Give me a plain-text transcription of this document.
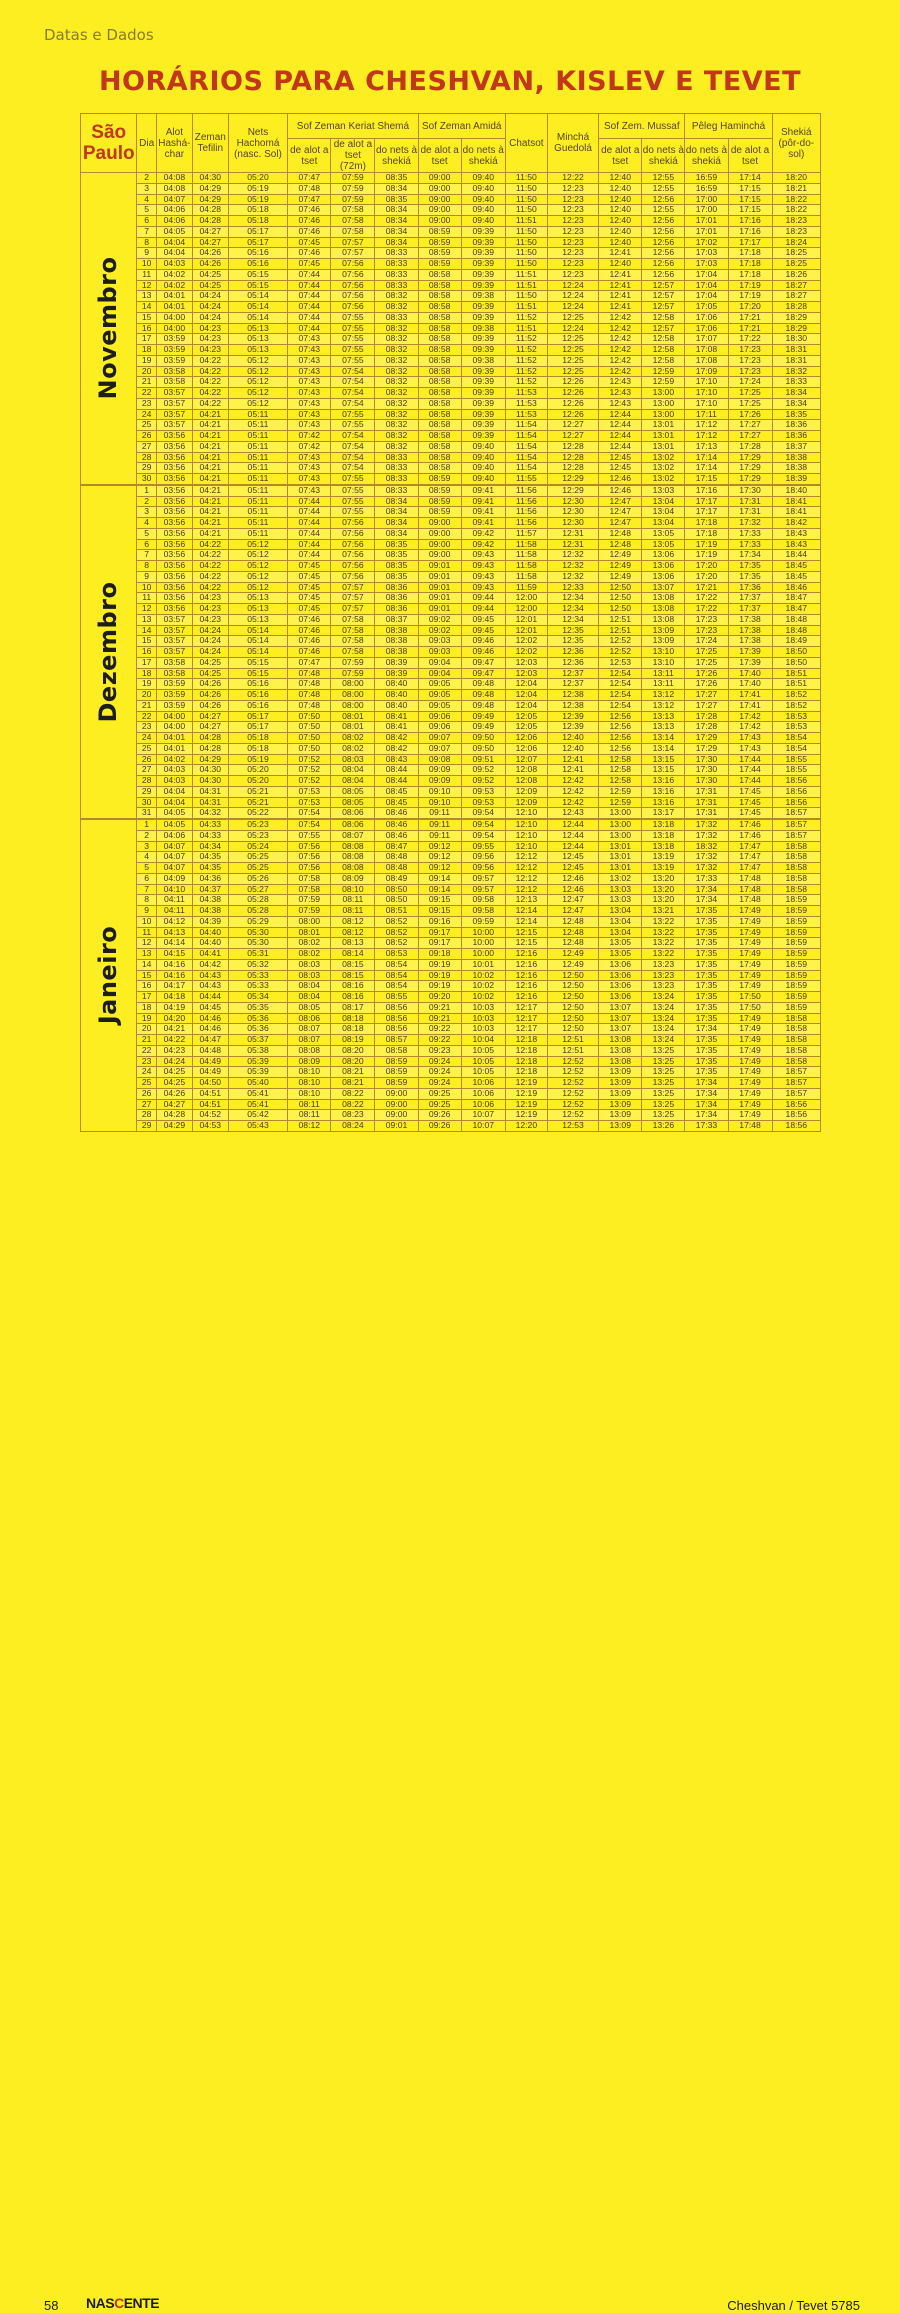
Datas e Dados
HORÁRIOS PARA CHESHVAN, KISLEV E TEVET
São
Paulo	Dia	Alot Hashá-char	Zeman Tefilin	Nets Hachomá (nasc. Sol)	Sof Zeman Keriat Shemá			Sof Zeman Amidá		Chatsot	Minchá Guedolá	Sof Zem. Mussaf		Pêleg Haminchá		Shekiá (pôr-do-sol)
					de alot a tset	de alot a tset (72m)	do nets à shekiá	de alot a tset	do nets à shekiá			de alot a tset	do nets à shekiá	do nets à shekiá	de alot a tset	

Novembro	2	04:08	04:30	05:20	07:47	07:59	08:35	09:00	09:40	11:50	12:22	12:40	12:55	16:59	17:14	18:20
	3	04:08	04:29	05:19	07:48	07:59	08:34	09:00	09:40	11:50	12:23	12:40	12:55	16:59	17:15	18:21
	4	04:07	04:29	05:19	07:47	07:59	08:35	09:00	09:40	11:50	12:23	12:40	12:56	17:00	17:15	18:22
	5	04:06	04:28	05:18	07:46	07:58	08:34	09:00	09:40	11:50	12:23	12:40	12:55	17:00	17:15	18:22
	6	04:06	04:28	05:18	07:46	07:58	08:34	09:00	09:40	11:51	12:23	12:40	12:56	17:01	17:16	18:23
	7	04:05	04:27	05:17	07:46	07:58	08:34	08:59	09:39	11:50	12:23	12:40	12:56	17:01	17:16	18:23
	8	04:04	04:27	05:17	07:45	07:57	08:34	08:59	09:39	11:50	12:23	12:40	12:56	17:02	17:17	18:24
	9	04:04	04:26	05:16	07:46	07:57	08:33	08:59	09:39	11:50	12:23	12:41	12:56	17:03	17:18	18:25
	10	04:03	04:26	05:16	07:45	07:56	08:33	08:59	09:39	11:50	12:23	12:40	12:56	17:03	17:18	18:25
	11	04:02	04:25	05:15	07:44	07:56	08:33	08:58	09:39	11:51	12:23	12:41	12:56	17:04	17:18	18:26
	12	04:02	04:25	05:15	07:44	07:56	08:33	08:58	09:39	11:51	12:24	12:41	12:57	17:04	17:19	18:27
	13	04:01	04:24	05:14	07:44	07:56	08:32	08:58	09:38	11:50	12:24	12:41	12:57	17:04	17:19	18:27
	14	04:01	04:24	05:14	07:44	07:56	08:32	08:58	09:39	11:51	12:24	12:41	12:57	17:05	17:20	18:28
	15	04:00	04:24	05:14	07:44	07:55	08:33	08:58	09:39	11:52	12:25	12:42	12:58	17:06	17:21	18:29
	16	04:00	04:23	05:13	07:44	07:55	08:32	08:58	09:38	11:51	12:24	12:42	12:57	17:06	17:21	18:29
	17	03:59	04:23	05:13	07:43	07:55	08:32	08:58	09:39	11:52	12:25	12:42	12:58	17:07	17:22	18:30
	18	03:59	04:23	05:13	07:43	07:55	08:32	08:58	09:39	11:52	12:25	12:42	12:58	17:08	17:23	18:31
	19	03:59	04:22	05:12	07:43	07:55	08:32	08:58	09:38	11:52	12:25	12:42	12:58	17:08	17:23	18:31
	20	03:58	04:22	05:12	07:43	07:54	08:32	08:58	09:39	11:52	12:25	12:42	12:59	17:09	17:23	18:32
	21	03:58	04:22	05:12	07:43	07:54	08:32	08:58	09:39	11:52	12:26	12:43	12:59	17:10	17:24	18:33
	22	03:57	04:22	05:12	07:43	07:54	08:32	08:58	09:39	11:53	12:26	12:43	13:00	17:10	17:25	18:34
	23	03:57	04:22	05:12	07:43	07:54	08:32	08:58	09:39	11:53	12:26	12:43	13:00	17:10	17:25	18:34
	24	03:57	04:21	05:11	07:43	07:55	08:32	08:58	09:39	11:53	12:26	12:44	13:00	17:11	17:26	18:35
	25	03:57	04:21	05:11	07:43	07:55	08:32	08:58	09:39	11:54	12:27	12:44	13:01	17:12	17:27	18:36
	26	03:56	04:21	05:11	07:42	07:54	08:32	08:58	09:39	11:54	12:27	12:44	13:01	17:12	17:27	18:36
	27	03:56	04:21	05:11	07:42	07:54	08:32	08:58	09:40	11:54	12:28	12:44	13:01	17:13	17:28	18:37
	28	03:56	04:21	05:11	07:43	07:54	08:33	08:58	09:40	11:54	12:28	12:45	13:02	17:14	17:29	18:38
	29	03:56	04:21	05:11	07:43	07:54	08:33	08:58	09:40	11:54	12:28	12:45	13:02	17:14	17:29	18:38
	30	03:56	04:21	05:11	07:43	07:55	08:33	08:59	09:40	11:55	12:29	12:46	13:02	17:15	17:29	18:39

Dezembro	1	03:56	04:21	05:11	07:43	07:55	08:33	08:59	09:41	11:56	12:29	12:46	13:03	17:16	17:30	18:40
	2	03:56	04:21	05:11	07:44	07:55	08:34	08:59	09:41	11:56	12:30	12:47	13:04	17:17	17:31	18:41
	3	03:56	04:21	05:11	07:44	07:55	08:34	08:59	09:41	11:56	12:30	12:47	13:04	17:17	17:31	18:41
	4	03:56	04:21	05:11	07:44	07:56	08:34	09:00	09:41	11:56	12:30	12:47	13:04	17:18	17:32	18:42
	5	03:56	04:21	05:11	07:44	07:56	08:34	09:00	09:42	11:57	12:31	12:48	13:05	17:18	17:33	18:43
	6	03:56	04:22	05:12	07:44	07:56	08:35	09:00	09:42	11:58	12:31	12:48	13:05	17:19	17:33	18:43
	7	03:56	04:22	05:12	07:44	07:56	08:35	09:00	09:43	11:58	12:32	12:49	13:06	17:19	17:34	18:44
	8	03:56	04:22	05:12	07:45	07:56	08:35	09:01	09:43	11:58	12:32	12:49	13:06	17:20	17:35	18:45
	9	03:56	04:22	05:12	07:45	07:56	08:35	09:01	09:43	11:58	12:32	12:49	13:06	17:20	17:35	18:45
	10	03:56	04:22	05:12	07:45	07:57	08:36	09:01	09:43	11:59	12:33	12:50	13:07	17:21	17:36	18:46
	11	03:56	04:23	05:13	07:45	07:57	08:36	09:01	09:44	12:00	12:34	12:50	13:08	17:22	17:37	18:47
	12	03:56	04:23	05:13	07:45	07:57	08:36	09:01	09:44	12:00	12:34	12:50	13:08	17:22	17:37	18:47
	13	03:57	04:23	05:13	07:46	07:58	08:37	09:02	09:45	12:01	12:34	12:51	13:08	17:23	17:38	18:48
	14	03:57	04:24	05:14	07:46	07:58	08:38	09:02	09:45	12:01	12:35	12:51	13:09	17:23	17:38	18:48
	15	03:57	04:24	05:14	07:46	07:58	08:38	09:03	09:46	12:02	12:35	12:52	13:09	17:24	17:38	18:49
	16	03:57	04:24	05:14	07:46	07:58	08:38	09:03	09:46	12:02	12:36	12:52	13:10	17:25	17:39	18:50
	17	03:58	04:25	05:15	07:47	07:59	08:39	09:04	09:47	12:03	12:36	12:53	13:10	17:25	17:39	18:50
	18	03:58	04:25	05:15	07:48	07:59	08:39	09:04	09:47	12:03	12:37	12:54	13:11	17:26	17:40	18:51
	19	03:59	04:26	05:16	07:48	08:00	08:40	09:05	09:48	12:04	12:37	12:54	13:11	17:26	17:40	18:51
	20	03:59	04:26	05:16	07:48	08:00	08:40	09:05	09:48	12:04	12:38	12:54	13:12	17:27	17:41	18:52
	21	03:59	04:26	05:16	07:48	08:00	08:40	09:05	09:48	12:04	12:38	12:54	13:12	17:27	17:41	18:52
	22	04:00	04:27	05:17	07:50	08:01	08:41	09:06	09:49	12:05	12:39	12:56	13:13	17:28	17:42	18:53
	23	04:00	04:27	05:17	07:50	08:01	08:41	09:06	09:49	12:05	12:39	12:56	13:13	17:28	17:42	18:53
	24	04:01	04:28	05:18	07:50	08:02	08:42	09:07	09:50	12:06	12:40	12:56	13:14	17:29	17:43	18:54
	25	04:01	04:28	05:18	07:50	08:02	08:42	09:07	09:50	12:06	12:40	12:56	13:14	17:29	17:43	18:54
	26	04:02	04:29	05:19	07:52	08:03	08:43	09:08	09:51	12:07	12:41	12:58	13:15	17:30	17:44	18:55
	27	04:03	04:30	05:20	07:52	08:04	08:44	09:09	09:52	12:08	12:41	12:58	13:15	17:30	17:44	18:55
	28	04:03	04:30	05:20	07:52	08:04	08:44	09:09	09:52	12:08	12:42	12:58	13:16	17:30	17:44	18:56
	29	04:04	04:31	05:21	07:53	08:05	08:45	09:10	09:53	12:09	12:42	12:59	13:16	17:31	17:45	18:56
	30	04:04	04:31	05:21	07:53	08:05	08:45	09:10	09:53	12:09	12:42	12:59	13:16	17:31	17:45	18:56
	31	04:05	04:32	05:22	07:54	08:06	08:46	09:11	09:54	12:10	12:43	13:00	13:17	17:31	17:45	18:57

Janeiro	1	04:05	04:33	05:23	07:54	08:06	08:46	09:11	09:54	12:10	12:44	13:00	13:18	17:32	17:46	18:57
	2	04:06	04:33	05:23	07:55	08:07	08:46	09:11	09:54	12:10	12:44	13:00	13:18	17:32	17:46	18:57
	3	04:07	04:34	05:24	07:56	08:08	08:47	09:12	09:55	12:10	12:44	13:01	13:18	18:32	17:47	18:58
	4	04:07	04:35	05:25	07:56	08:08	08:48	09:12	09:56	12:12	12:45	13:01	13:19	17:32	17:47	18:58
	5	04:07	04:35	05:25	07:56	08:08	08:48	09:12	09:56	12:12	12:45	13:01	13:19	17:32	17:47	18:58
	6	04:09	04:36	05:26	07:58	08:09	08:49	09:14	09:57	12:12	12:46	13:02	13:20	17:33	17:48	18:58
	7	04:10	04:37	05:27	07:58	08:10	08:50	09:14	09:57	12:12	12:46	13:03	13:20	17:34	17:48	18:58
	8	04:11	04:38	05:28	07:59	08:11	08:50	09:15	09:58	12:13	12:47	13:03	13:20	17:34	17:48	18:59
	9	04:11	04:38	05:28	07:59	08:11	08:51	09:15	09:58	12:14	12:47	13:04	13:21	17:35	17:49	18:59
	10	04:12	04:39	05:29	08:00	08:12	08:52	09:16	09:59	12:14	12:48	13:04	13:22	17:35	17:49	18:59
	11	04:13	04:40	05:30	08:01	08:12	08:52	09:17	10:00	12:15	12:48	13:04	13:22	17:35	17:49	18:59
	12	04:14	04:40	05:30	08:02	08:13	08:52	09:17	10:00	12:15	12:48	13:05	13:22	17:35	17:49	18:59
	13	04:15	04:41	05:31	08:02	08:14	08:53	09:18	10:00	12:16	12:49	13:05	13:22	17:35	17:49	18:59
	14	04:16	04:42	05:32	08:03	08:15	08:54	09:19	10:01	12:16	12:49	13:06	13:23	17:35	17:49	18:59
	15	04:16	04:43	05:33	08:03	08:15	08:54	09:19	10:02	12:16	12:50	13:06	13:23	17:35	17:49	18:59
	16	04:17	04:43	05:33	08:04	08:16	08:54	09:19	10:02	12:16	12:50	13:06	13:23	17:35	17:49	18:59
	17	04:18	04:44	05:34	08:04	08:16	08:55	09:20	10:02	12:16	12:50	13:06	13:24	17:35	17:50	18:59
	18	04:19	04:45	05:35	08:05	08:17	08:56	09:21	10:03	12:17	12:50	13:07	13:24	17:35	17:50	18:59
	19	04:20	04:46	05:36	08:06	08:18	08:56	09:21	10:03	12:17	12:50	13:07	13:24	17:35	17:49	18:58
	20	04:21	04:46	05:36	08:07	08:18	08:56	09:22	10:03	12:17	12:50	13:07	13:24	17:34	17:49	18:58
	21	04:22	04:47	05:37	08:07	08:19	08:57	09:22	10:04	12:18	12:51	13:08	13:24	17:35	17:49	18:58
	22	04:23	04:48	05:38	08:08	08:20	08:58	09:23	10:05	12:18	12:51	13:08	13:25	17:35	17:49	18:58
	23	04:24	04:49	05:39	08:09	08:20	08:59	09:24	10:05	12:18	12:52	13:08	13:25	17:35	17:49	18:58
	24	04:25	04:49	05:39	08:10	08:21	08:59	09:24	10:05	12:18	12:52	13:09	13:25	17:35	17:49	18:57
	25	04:25	04:50	05:40	08:10	08:21	08:59	09:24	10:06	12:19	12:52	13:09	13:25	17:34	17:49	18:57
	26	04:26	04:51	05:41	08:10	08:22	09:00	09:25	10:06	12:19	12:52	13:09	13:25	17:34	17:49	18:57
	27	04:27	04:51	05:41	08:11	08:22	09:00	09:25	10:06	12:19	12:52	13:09	13:25	17:34	17:49	18:56
	28	04:28	04:52	05:42	08:11	08:23	09:00	09:26	10:07	12:19	12:52	13:09	13:25	17:34	17:49	18:56
	29	04:29	04:53	05:43	08:12	08:24	09:01	09:26	10:07	12:20	12:53	13:09	13:26	17:33	17:48	18:56
58 NASCENTE	Cheshvan / Tevet 5785
